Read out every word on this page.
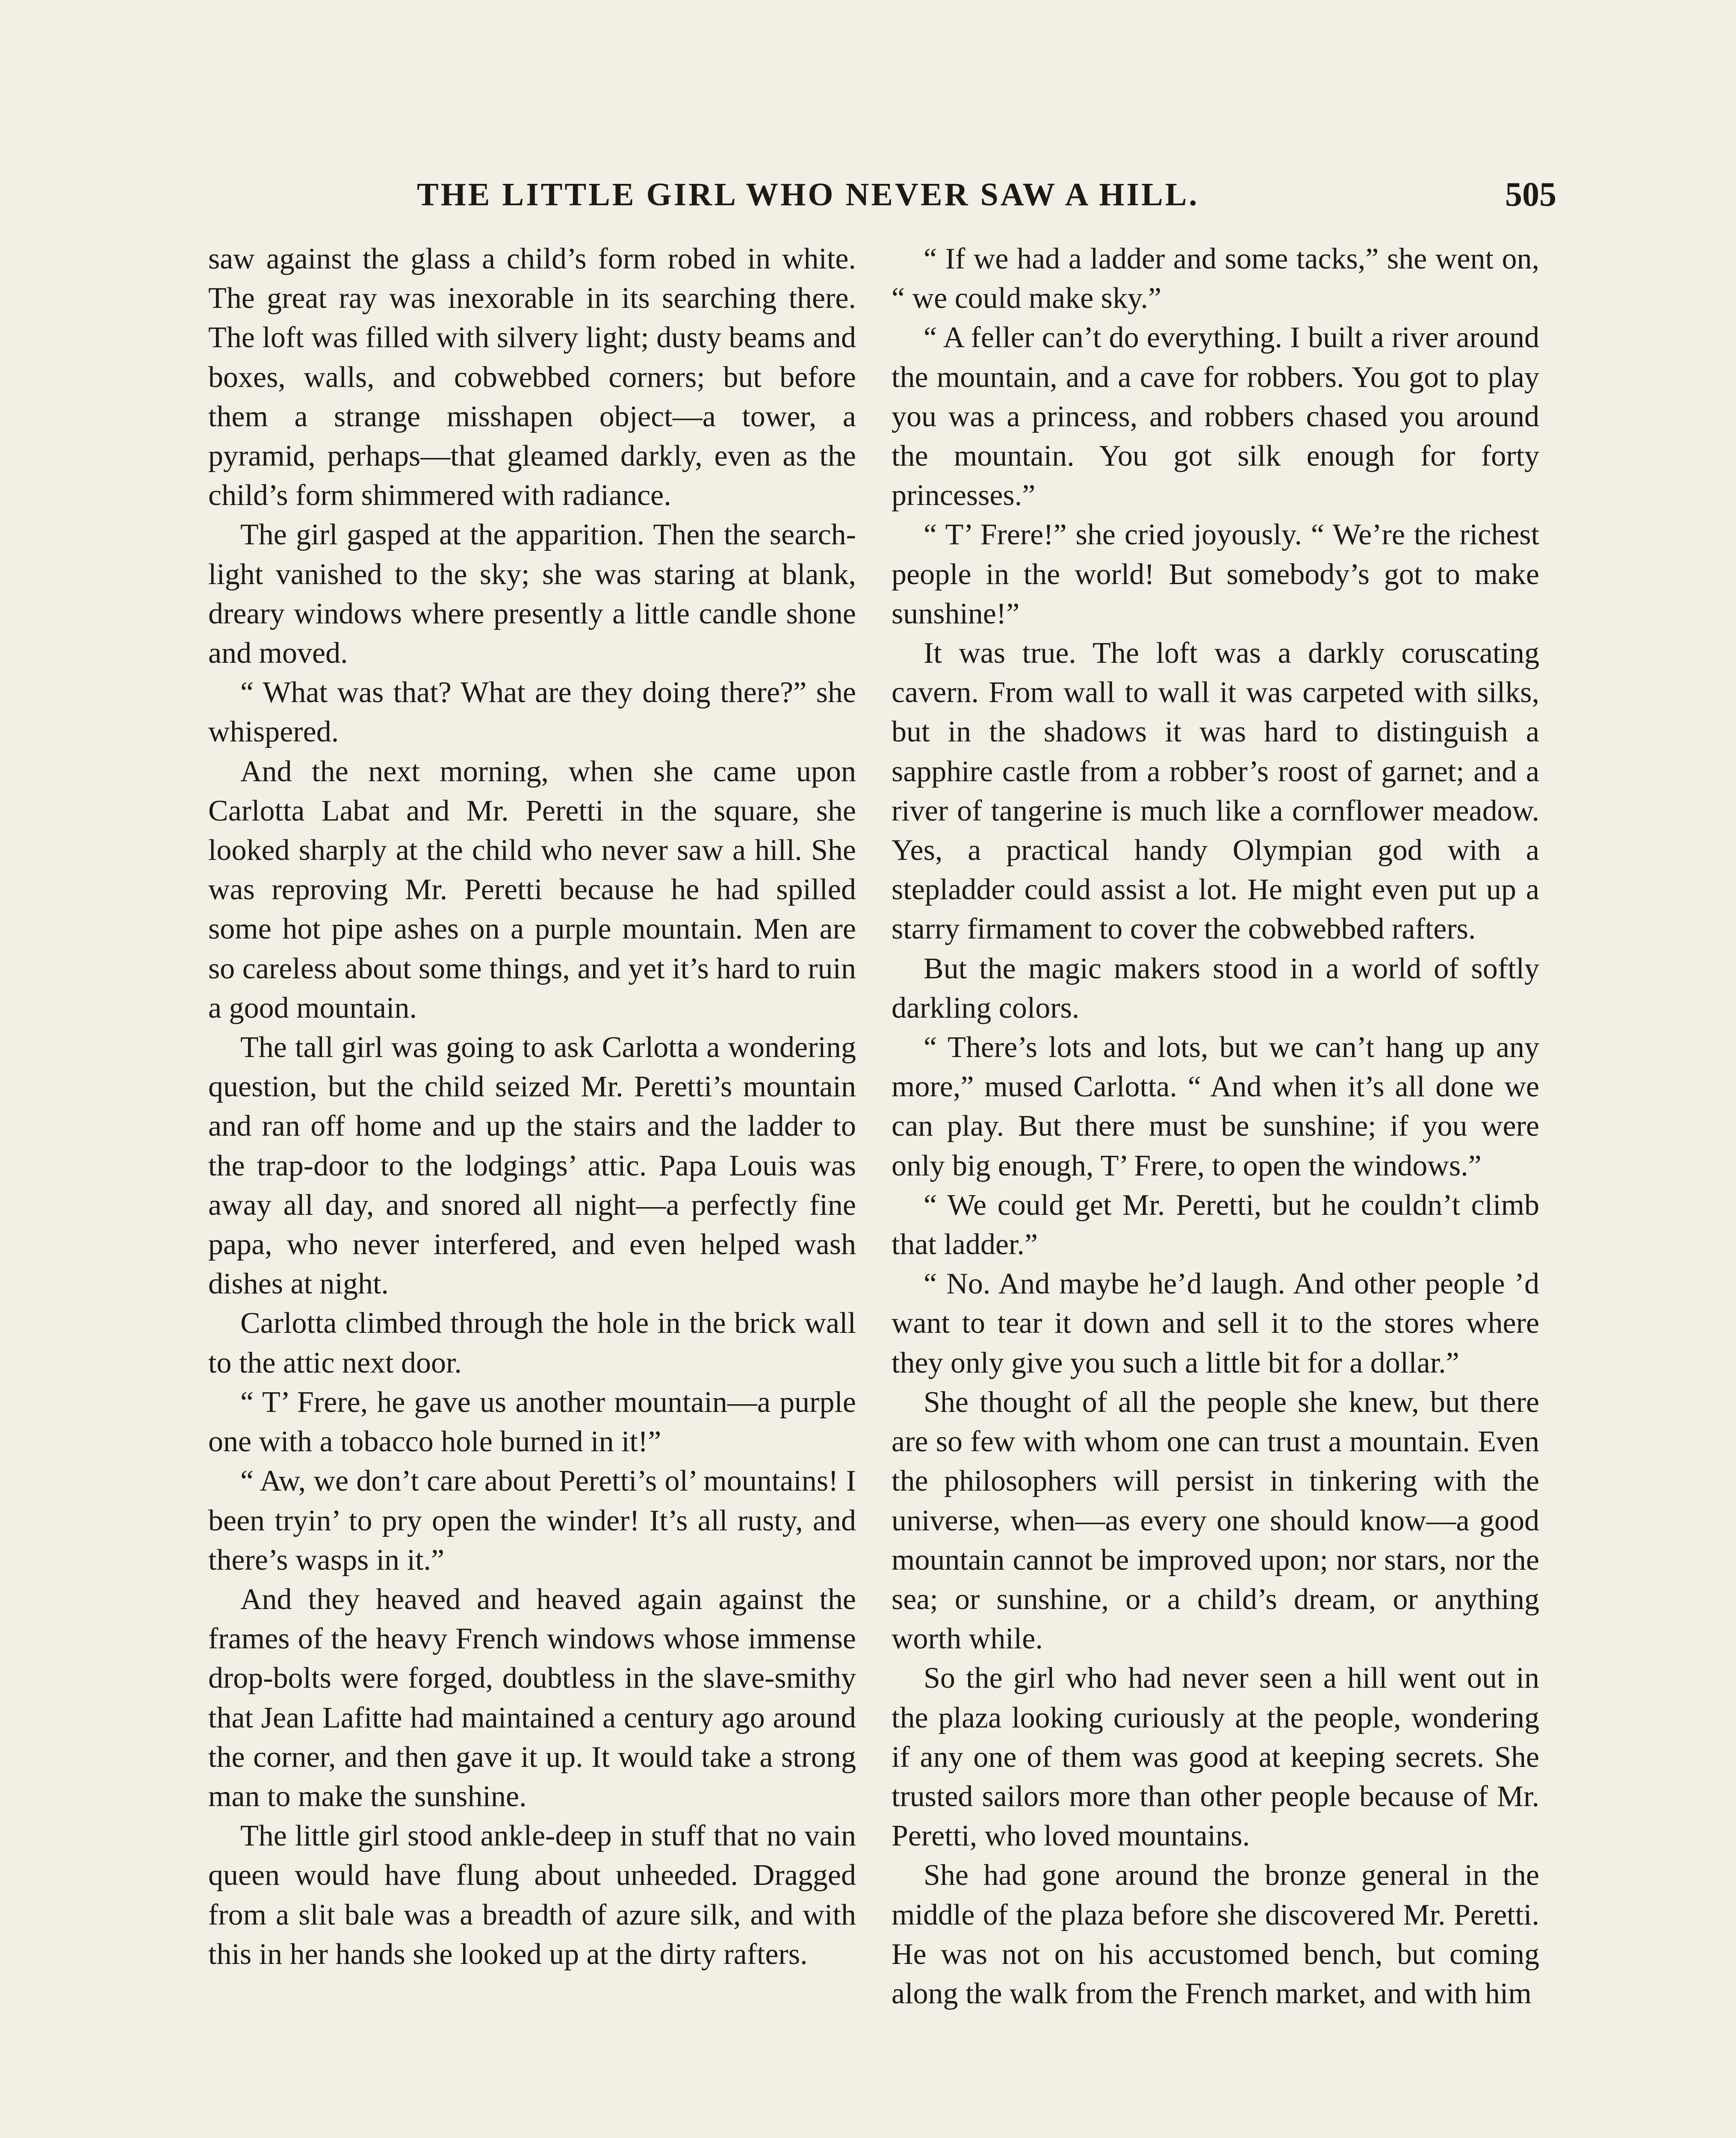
THE LITTLE GIRL WHO NEVER SAW A HILL.	505

saw against the glass a child’s form robed in white. The great ray was inexorable in its searching there. The loft was filled with silvery light; dusty beams and boxes, walls, and cobwebbed corners; but before them a strange misshapen object—a tower, a pyramid, perhaps—that gleamed darkly, even as the child’s form shimmered with radiance.

The girl gasped at the apparition. Then the search-light vanished to the sky; she was staring at blank, dreary windows where presently a little candle shone and moved.

“ What was that? What are they doing there?” she whispered.

And the next morning, when she came upon Carlotta Labat and Mr. Peretti in the square, she looked sharply at the child who never saw a hill. She was reproving Mr. Peretti because he had spilled some hot pipe ashes on a purple mountain. Men are so careless about some things, and yet it’s hard to ruin a good mountain.

The tall girl was going to ask Carlotta a wondering question, but the child seized Mr. Peretti’s mountain and ran off home and up the stairs and the ladder to the trap-door to the lodgings’ attic. Papa Louis was away all day, and snored all night—a perfectly fine papa, who never interfered, and even helped wash dishes at night.

Carlotta climbed through the hole in the brick wall to the attic next door.

“ T’ Frere, he gave us another mountain—a purple one with a tobacco hole burned in it!”

“ Aw, we don’t care about Peretti’s ol’ mountains! I been tryin’ to pry open the winder! It’s all rusty, and there’s wasps in it.”

And they heaved and heaved again against the frames of the heavy French windows whose immense drop-bolts were forged, doubtless in the slave-smithy that Jean Lafitte had maintained a century ago around the corner, and then gave it up. It would take a strong man to make the sunshine.

The little girl stood ankle-deep in stuff that no vain queen would have flung about unheeded. Dragged from a slit bale was a breadth of azure silk, and with this in her hands she looked up at the dirty rafters.

“ If we had a ladder and some tacks,” she went on, “ we could make sky.”

“ A feller can’t do everything. I built a river around the mountain, and a cave for robbers. You got to play you was a princess, and robbers chased you around the mountain. You got silk enough for forty princesses.”

“ T’ Frere!” she cried joyously. “ We’re the richest people in the world! But somebody’s got to make sunshine!”

It was true. The loft was a darkly coruscating cavern. From wall to wall it was carpeted with silks, but in the shadows it was hard to distinguish a sapphire castle from a robber’s roost of garnet; and a river of tangerine is much like a cornflower meadow. Yes, a practical handy Olympian god with a stepladder could assist a lot. He might even put up a starry firmament to cover the cobwebbed rafters.

But the magic makers stood in a world of softly darkling colors.

“ There’s lots and lots, but we can’t hang up any more,” mused Carlotta. “ And when it’s all done we can play. But there must be sunshine; if you were only big enough, T’ Frere, to open the windows.”

“ We could get Mr. Peretti, but he couldn’t climb that ladder.”

“ No. And maybe he’d laugh. And other people ’d want to tear it down and sell it to the stores where they only give you such a little bit for a dollar.”

She thought of all the people she knew, but there are so few with whom one can trust a mountain. Even the philosophers will persist in tinkering with the universe, when—as every one should know—a good mountain cannot be improved upon; nor stars, nor the sea; or sunshine, or a child’s dream, or anything worth while.

So the girl who had never seen a hill went out in the plaza looking curiously at the people, wondering if any one of them was good at keeping secrets. She trusted sailors more than other people because of Mr. Peretti, who loved mountains.

She had gone around the bronze general in the middle of the plaza before she discovered Mr. Peretti. He was not on his accustomed bench, but coming along the walk from the French market, and with him
